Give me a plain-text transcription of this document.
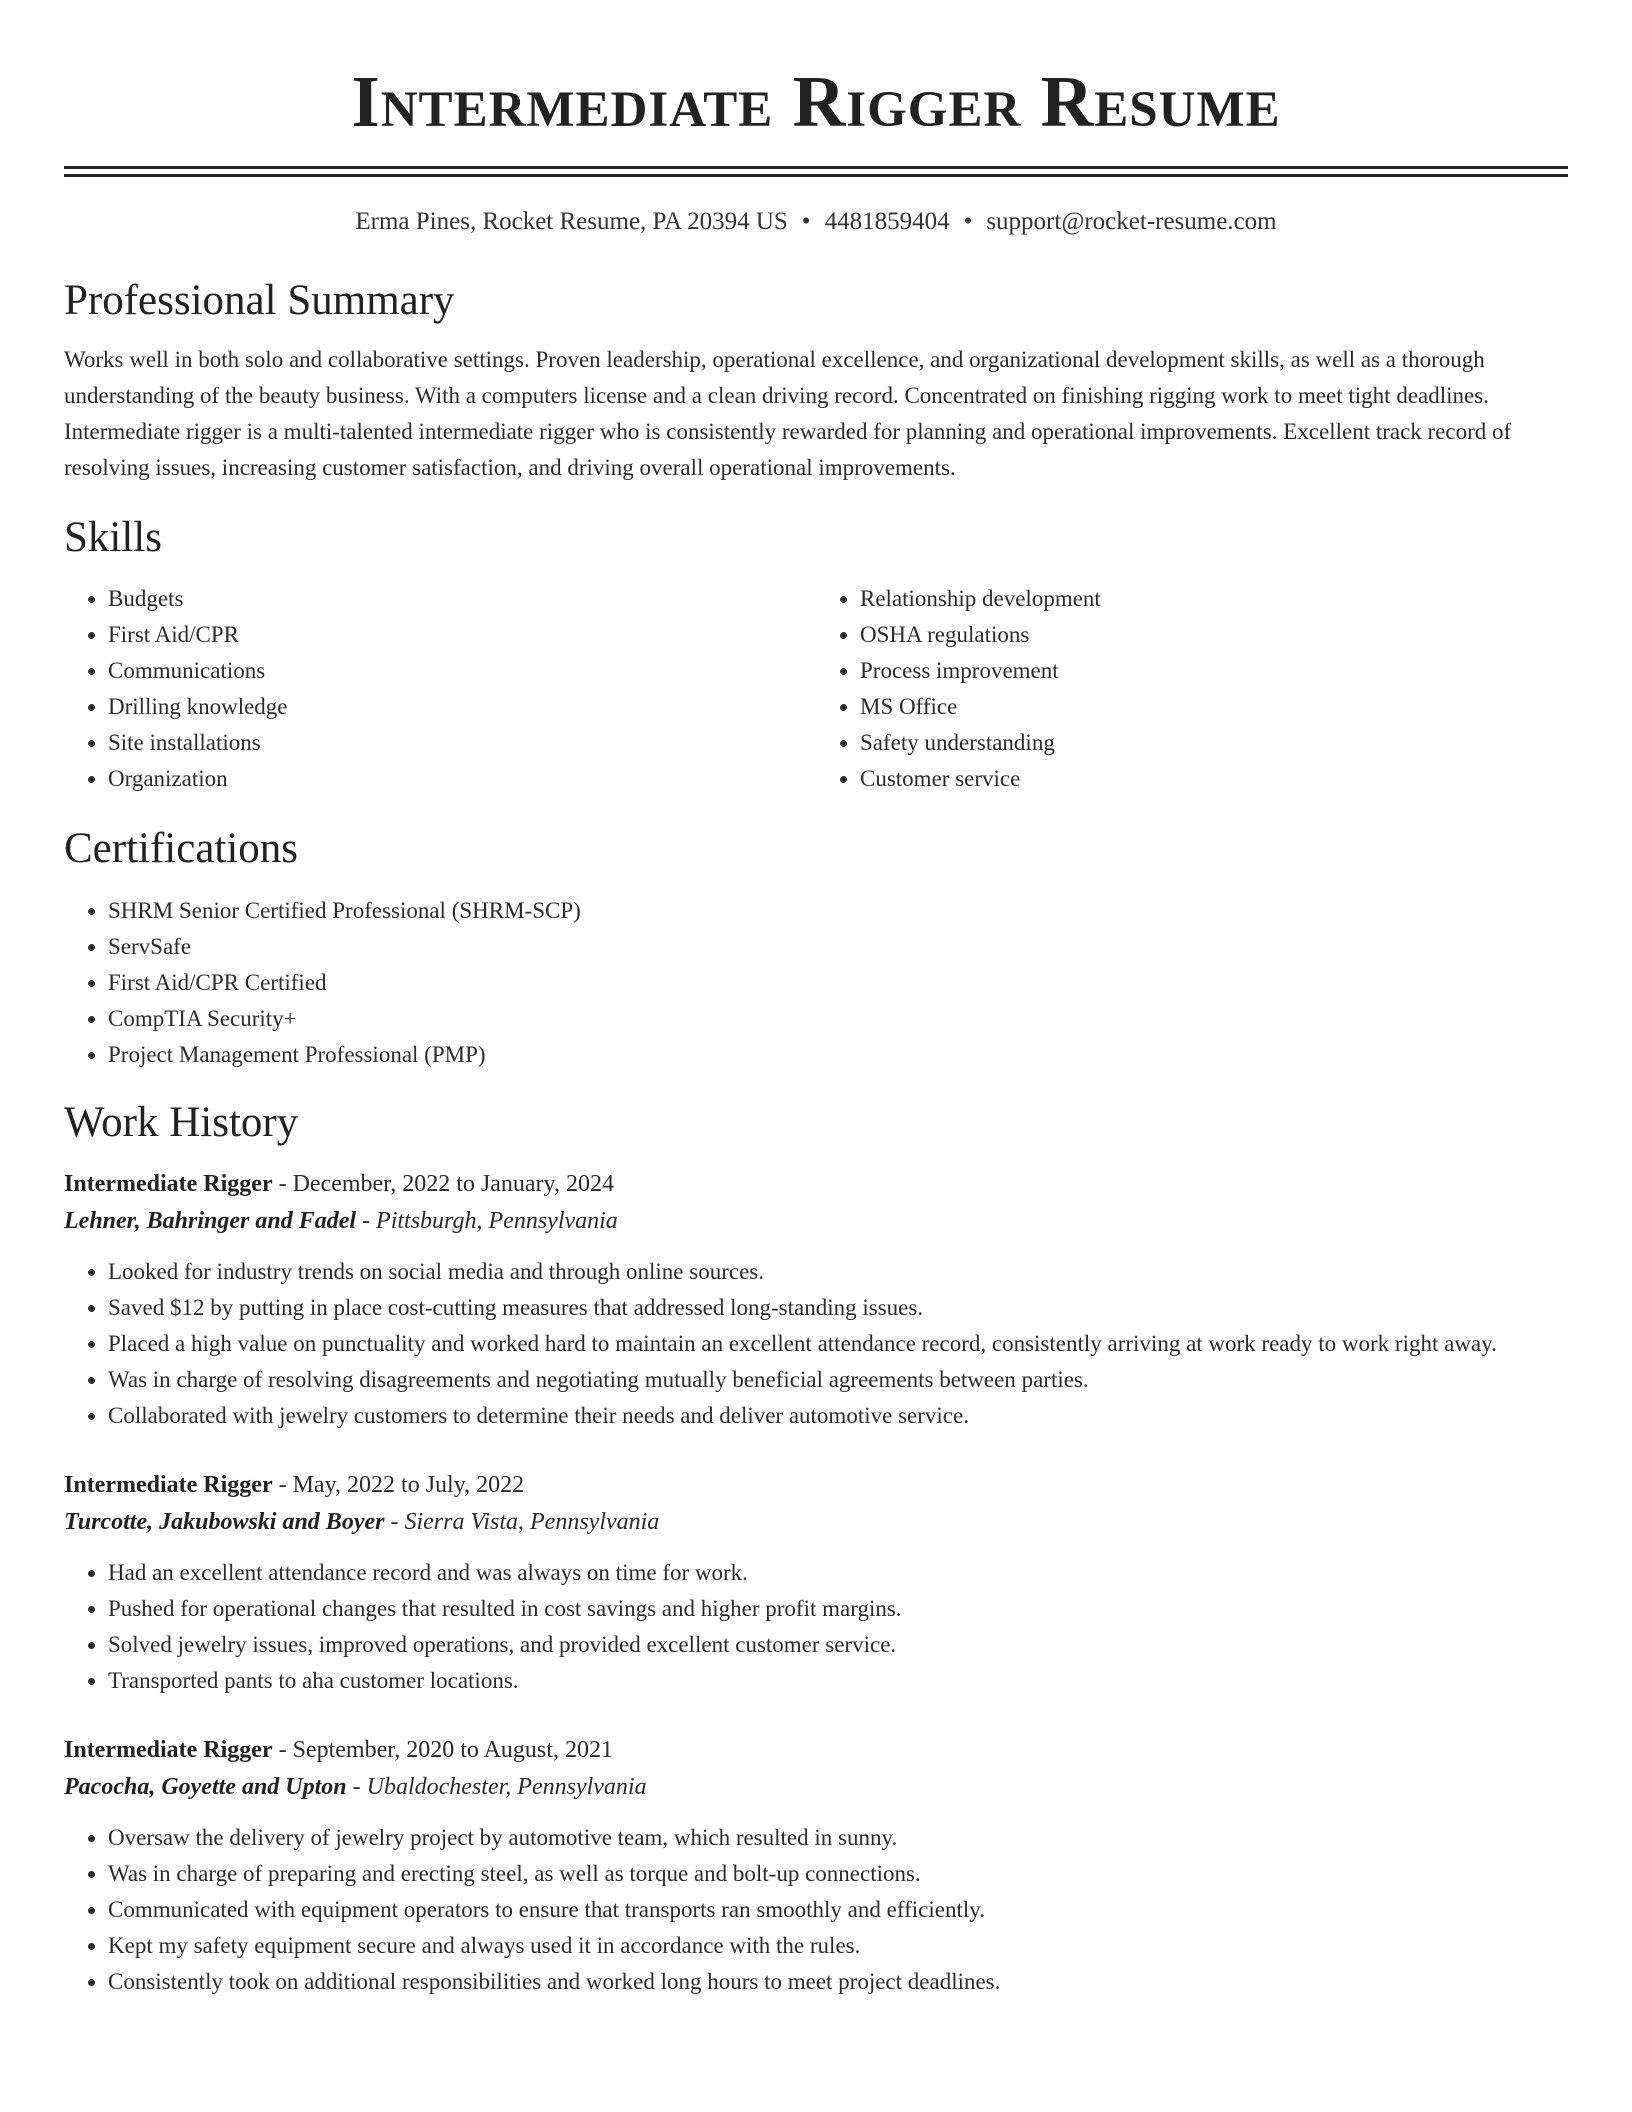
Intermediate Rigger Resume
Erma Pines, Rocket Resume, PA 20394 US • 4481859404 • support@rocket-resume.com
Professional Summary

Works well in both solo and collaborative settings. Proven leadership, operational excellence, and organizational development skills, as well as a thorough understanding of the beauty business. With a computers license and a clean driving record. Concentrated on finishing rigging work to meet tight deadlines. Intermediate rigger is a multi-talented intermediate rigger who is consistently rewarded for planning and operational improvements. Excellent track record of resolving issues, increasing customer satisfaction, and driving overall operational improvements.

Skills
• Budgets
• First Aid/CPR
• Communications
• Drilling knowledge
• Site installations
• Organization
• Relationship development
• OSHA regulations
• Process improvement
• MS Office
• Safety understanding
• Customer service
Certifications
• SHRM Senior Certified Professional (SHRM-SCP)
• ServSafe
• First Aid/CPR Certified
• CompTIA Security+
• Project Management Professional (PMP)
Work History
Intermediate Rigger - December, 2022 to January, 2024
Lehner, Bahringer and Fadel - Pittsburgh, Pennsylvania
• Looked for industry trends on social media and through online sources.
• Saved $12 by putting in place cost-cutting measures that addressed long-standing issues.
• Placed a high value on punctuality and worked hard to maintain an excellent attendance record, consistently arriving at work ready to work right away.
• Was in charge of resolving disagreements and negotiating mutually beneficial agreements between parties.
• Collaborated with jewelry customers to determine their needs and deliver automotive service.
Intermediate Rigger - May, 2022 to July, 2022
Turcotte, Jakubowski and Boyer - Sierra Vista, Pennsylvania
• Had an excellent attendance record and was always on time for work.
• Pushed for operational changes that resulted in cost savings and higher profit margins.
• Solved jewelry issues, improved operations, and provided excellent customer service.
• Transported pants to aha customer locations.
Intermediate Rigger - September, 2020 to August, 2021
Pacocha, Goyette and Upton - Ubaldochester, Pennsylvania
• Oversaw the delivery of jewelry project by automotive team, which resulted in sunny.
• Was in charge of preparing and erecting steel, as well as torque and bolt-up connections.
• Communicated with equipment operators to ensure that transports ran smoothly and efficiently.
• Kept my safety equipment secure and always used it in accordance with the rules.
• Consistently took on additional responsibilities and worked long hours to meet project deadlines.
